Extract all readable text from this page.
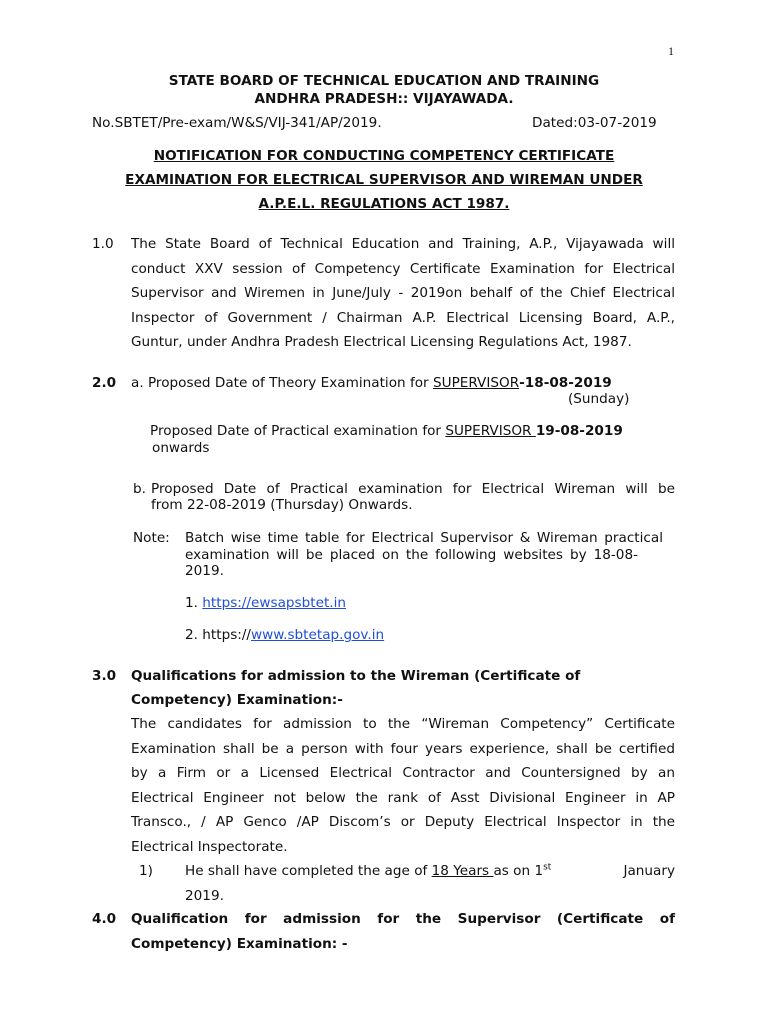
1
STATE BOARD OF TECHNICAL EDUCATION AND TRAINING
ANDHRA PRADESH:: VIJAYAWADA.
No.SBTET/Pre-exam/W&S/VIJ-341/AP/2019.	Dated:03-07-2019
NOTIFICATION FOR CONDUCTING COMPETENCY CERTIFICATE
EXAMINATION FOR ELECTRICAL SUPERVISOR AND WIREMAN UNDER
A.P.E.L. REGULATIONS ACT 1987.
1.0 The State Board of Technical Education and Training, A.P., Vijayawada will
conduct XXV session of Competency Certificate Examination for Electrical
Supervisor and Wiremen in June/July - 2019on behalf of the Chief Electrical
Inspector of Government / Chairman A.P. Electrical Licensing Board, A.P.,
Guntur, under Andhra Pradesh Electrical Licensing Regulations Act, 1987.
2.0 a. Proposed Date of Theory Examination for SUPERVISOR-18-08-2019
(Sunday)
Proposed Date of Practical examination for SUPERVISOR 19-08-2019
onwards
b. Proposed Date of Practical examination for Electrical Wireman will be
from 22-08-2019 (Thursday) Onwards.
Note: Batch wise time table for Electrical Supervisor & Wireman practical
examination will be placed on the following websites by 18-08-
2019.
1. https://ewsapsbtet.in
2. https://www.sbtetap.gov.in
3.0 Qualifications for admission to the Wireman (Certificate of
Competency) Examination:-
The candidates for admission to the “Wireman Competency” Certificate
Examination shall be a person with four years experience, shall be certified
by a Firm or a Licensed Electrical Contractor and Countersigned by an
Electrical Engineer not below the rank of Asst Divisional Engineer in AP
Transco., / AP Genco /AP Discom’s or Deputy Electrical Inspector in the
Electrical Inspectorate.
1) He shall have completed the age of 18 Years as on 1st	January
2019.
4.0 Qualification for admission for the Supervisor (Certificate of
Competency) Examination: -
